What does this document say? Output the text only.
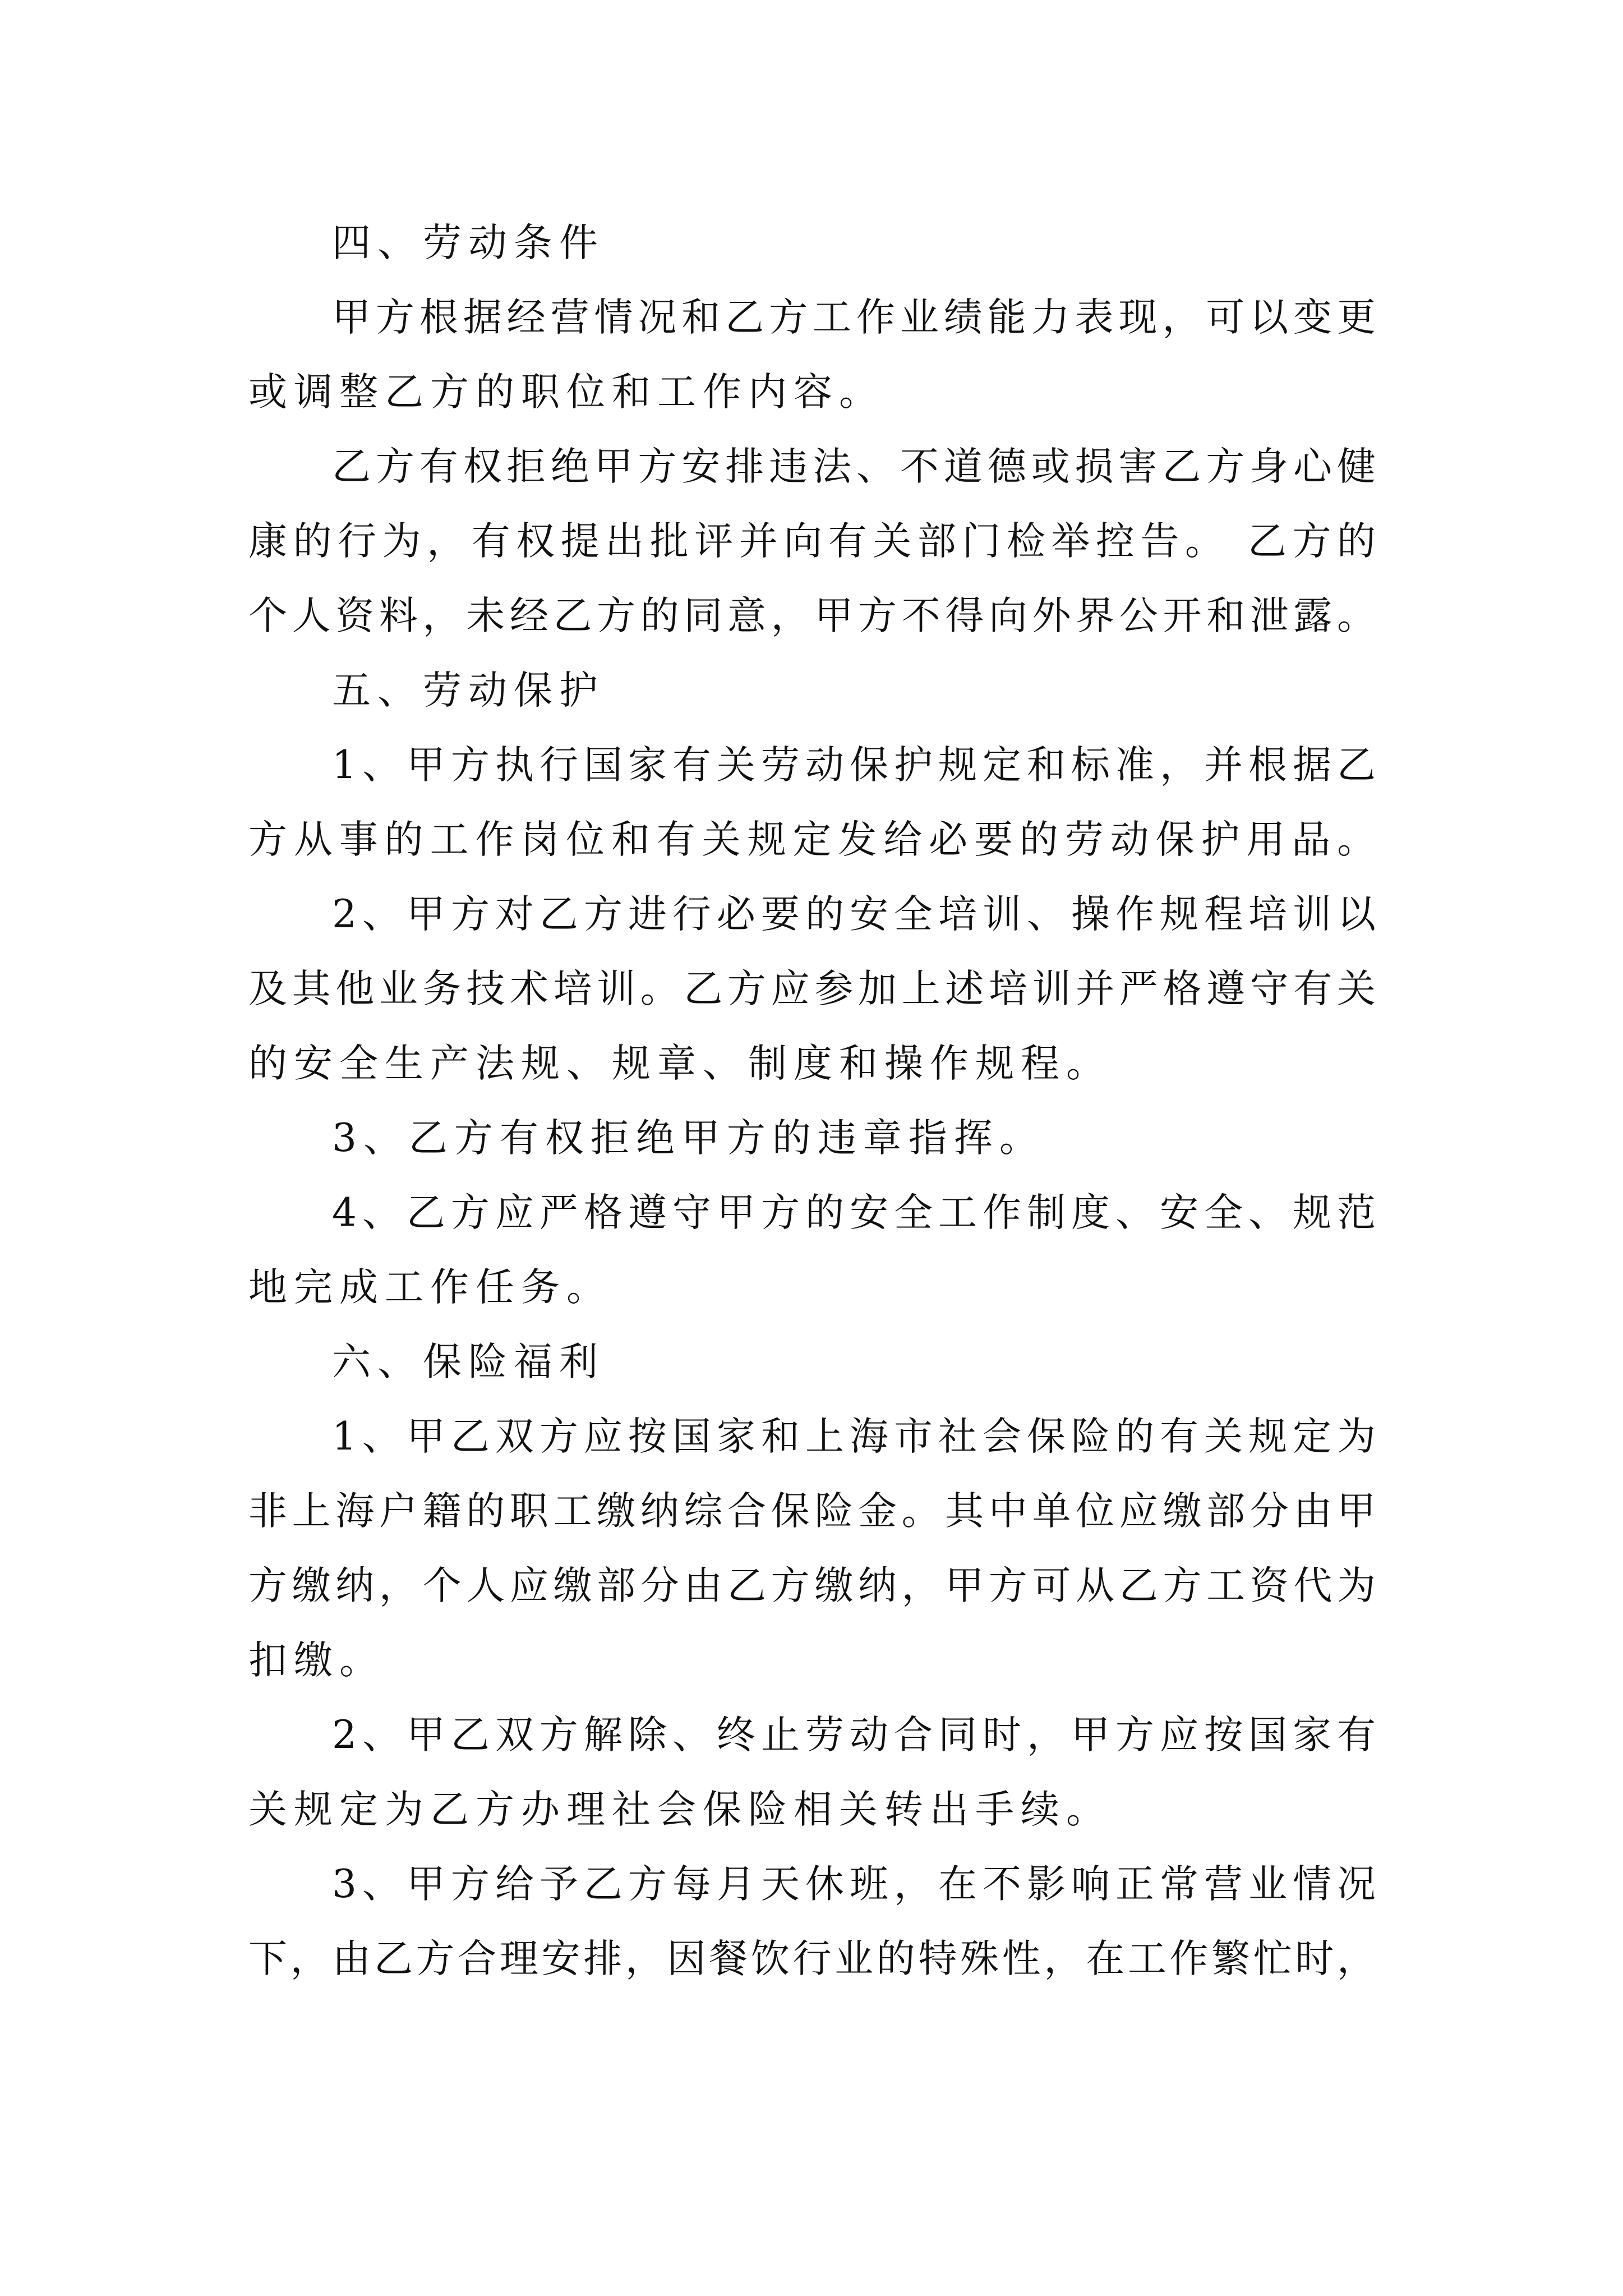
四、劳动条件
甲方根据经营情况和乙方工作业绩能力表现，可以变更
或调整乙方的职位和工作内容。
乙方有权拒绝甲方安排违法、不道德或损害乙方身心健
康的行为，有权提出批评并向有关部门检举控告。 乙方的
个人资料，未经乙方的同意，甲方不得向外界公开和泄露。
五、劳动保护
1、甲方执行国家有关劳动保护规定和标准，并根据乙
方从事的工作岗位和有关规定发给必要的劳动保护用品。
2、甲方对乙方进行必要的安全培训、操作规程培训以
及其他业务技术培训。乙方应参加上述培训并严格遵守有关
的安全生产法规、规章、制度和操作规程。
3、乙方有权拒绝甲方的违章指挥。
4、乙方应严格遵守甲方的安全工作制度、安全、规范
地完成工作任务。
六、保险福利
1、甲乙双方应按国家和上海市社会保险的有关规定为
非上海户籍的职工缴纳综合保险金。其中单位应缴部分由甲
方缴纳，个人应缴部分由乙方缴纳，甲方可从乙方工资代为
扣缴。
2、甲乙双方解除、终止劳动合同时，甲方应按国家有
关规定为乙方办理社会保险相关转出手续。
3、甲方给予乙方每月天休班，在不影响正常营业情况
下，由乙方合理安排，因餐饮行业的特殊性，在工作繁忙时，
